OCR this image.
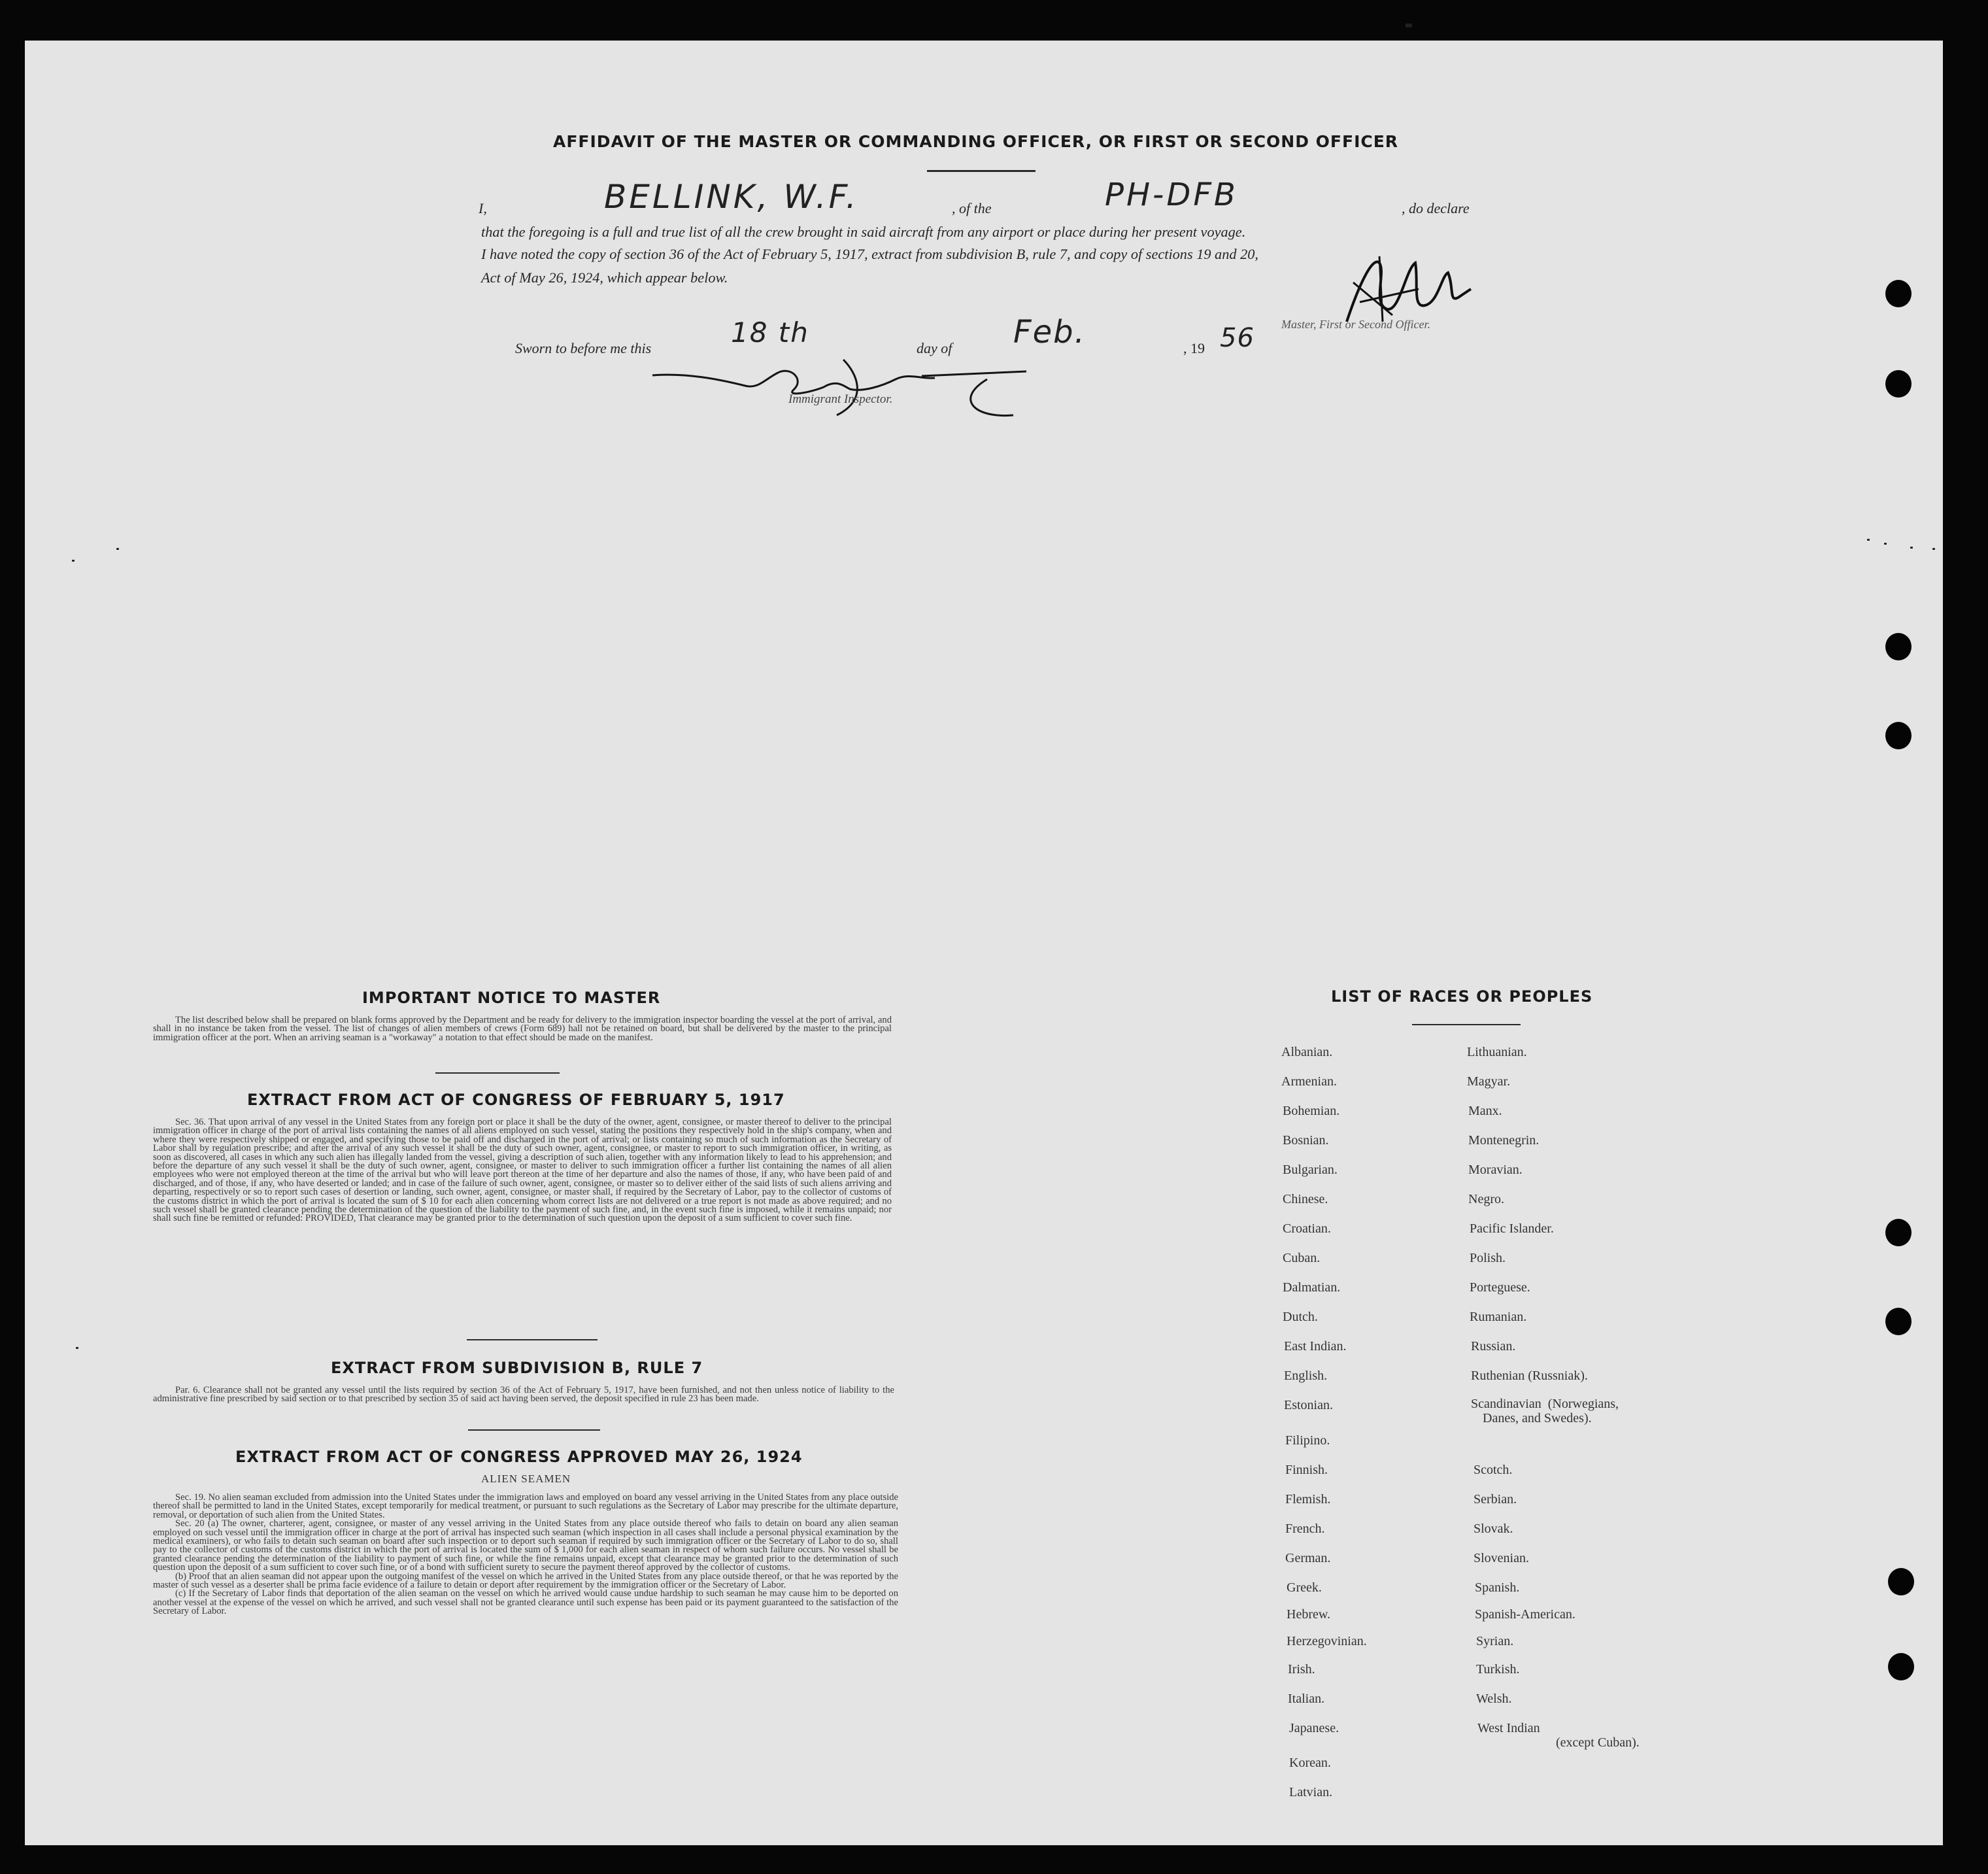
AFFIDAVIT OF THE MASTER OR COMMANDING OFFICER, OR FIRST OR SECOND OFFICER
I,	BELLINK, W.F.	, of the	PH-DFB	, do declare
that the foregoing is a full and true list of all the crew brought in said aircraft from any airport or place during her present voyage.
I have noted the copy of section 36 of the Act of February 5, 1917, extract from subdivision B, rule 7, and copy of sections 19 and 20,
Act of May 26, 1924, which appear below.
Master, First or Second Officer.
Sworn to before me this	18 th	day of Feb.	, 19 56
Immigrant Inspector.
IMPORTANT NOTICE TO MASTER

The list described below shall be prepared on blank forms approved by the Department and be ready for delivery to the immigration inspector boarding the vessel at the port of arrival, and shall in no instance be taken from the vessel. The list of changes of alien members of crews (Form 689) hall not be retained on board, but shall be delivered by the master to the principal immigration officer at the port. When an arriving seaman is a "workaway" a notation to that effect should be made on the manifest.

EXTRACT FROM ACT OF CONGRESS OF FEBRUARY 5, 1917

Sec. 36. That upon arrival of any vessel in the United States from any foreign port or place it shall be the duty of the owner, agent, consignee, or master thereof to deliver to the principal immigration officer in charge of the port of arrival lists containing the names of all aliens employed on such vessel, stating the positions they respectively hold in the ship's company, when and where they were respectively shipped or engaged, and specifying those to be paid off and discharged in the port of arrival; or lists containing so much of such information as the Secretary of Labor shall by regulation prescribe; and after the arrival of any such vessel it shall be the duty of such owner, agent, consignee, or master to report to such immigration officer, in writing, as soon as discovered, all cases in which any such alien has illegally landed from the vessel, giving a description of such alien, together with any information likely to lead to his apprehension; and before the departure of any such vessel it shall be the duty of such owner, agent, consignee, or master to deliver to such immigration officer a further list containing the names of all alien employees who were not employed thereon at the time of the arrival but who will leave port thereon at the time of her departure and also the names of those, if any, who have been paid of and discharged, and of those, if any, who have deserted or landed; and in case of the failure of such owner, agent, consignee, or master so to deliver either of the said lists of such aliens arriving and departing, respectively or so to report such cases of desertion or landing, such owner, agent, consignee, or master shall, if required by the Secretary of Labor, pay to the collector of customs of the customs district in which the port of arrival is located the sum of $ 10 for each alien concerning whom correct lists are not delivered or a true report is not made as above required; and no such vessel shall be granted clearance pending the determination of the question of the liability to the payment of such fine, and, in the event such fine is imposed, while it remains unpaid; nor shall such fine be remitted or refunded: PROVIDED, That clearance may be granted prior to the determination of such question upon the deposit of a sum sufficient to cover such fine.

EXTRACT FROM SUBDIVISION B, RULE 7

Par. 6. Clearance shall not be granted any vessel until the lists required by section 36 of the Act of February 5, 1917, have been furnished, and not then unless notice of liability to the administrative fine prescribed by said section or to that prescribed by section 35 of said act having been served, the deposit specified in rule 23 has been made.

EXTRACT FROM ACT OF CONGRESS APPROVED MAY 26, 1924
ALIEN SEAMEN

Sec. 19. No alien seaman excluded from admission into the United States under the immigration laws and employed on board any vessel arriving in the United States from any place outside thereof shall be permitted to land in the United States, except temporarily for medical treatment, or pursuant to such regulations as the Secretary of Labor may prescribe for the ultimate departure, removal, or deportation of such alien from the United States.

Sec. 20 (a) The owner, charterer, agent, consignee, or master of any vessel arriving in the United States from any place outside thereof who fails to detain on board any alien seaman employed on such vessel until the immigration officer in charge at the port of arrival has inspected such seaman (which inspection in all cases shall include a personal physical examination by the medical examiners), or who fails to detain such seaman on board after such inspection or to deport such seaman if required by such immigration officer or the Secretary of Labor to do so, shall pay to the collector of customs of the customs district in which the port of arrival is located the sum of $ 1,000 for each alien seaman in respect of whom such failure occurs. No vessel shall be granted clearance pending the determination of the liability to payment of such fine, or while the fine remains unpaid, except that clearance may be granted prior to the determination of such question upon the deposit of a sum sufficient to cover such fine, or of a bond with sufficient surety to secure the payment thereof approved by the collector of customs.

(b) Proof that an alien seaman did not appear upon the outgoing manifest of the vessel on which he arrived in the United States from any place outside thereof, or that he was reported by the master of such vessel as a deserter shall be prima facie evidence of a failure to detain or deport after requirement by the immigration officer or the Secretary of Labor.

(c) If the Secretary of Labor finds that deportation of the alien seaman on the vessel on which he arrived would cause undue hardship to such seaman he may cause him to be deported on another vessel at the expense of the vessel on which he arrived, and such vessel shall not be granted clearance until such expense has been paid or its payment guaranteed to the satisfaction of the Secretary of Labor.

LIST OF RACES OR PEOPLES
Albanian.
Armenian.
Bohemian.
Bosnian.
Bulgarian.
Chinese.
Croatian.
Cuban.
Dalmatian.
Dutch.
East Indian.
English.
Estonian.
Filipino.
Finnish.
Flemish.
French.
German.
Greek.
Hebrew.
Herzegovinian.
Irish.
Italian.
Japanese.
Korean.
Latvian.
Lithuanian.
Magyar.
Manx.
Montenegrin.
Moravian.
Negro.
Pacific Islander.
Polish.
Porteguese.
Rumanian.
Russian.
Ruthenian (Russniak).
Scandinavian  (Norwegians,
Danes, and Swedes).
Scotch.
Serbian.
Slovak.
Slovenian.
Spanish.
Spanish-American.
Syrian.
Turkish.
Welsh.
West Indian
(except Cuban).
